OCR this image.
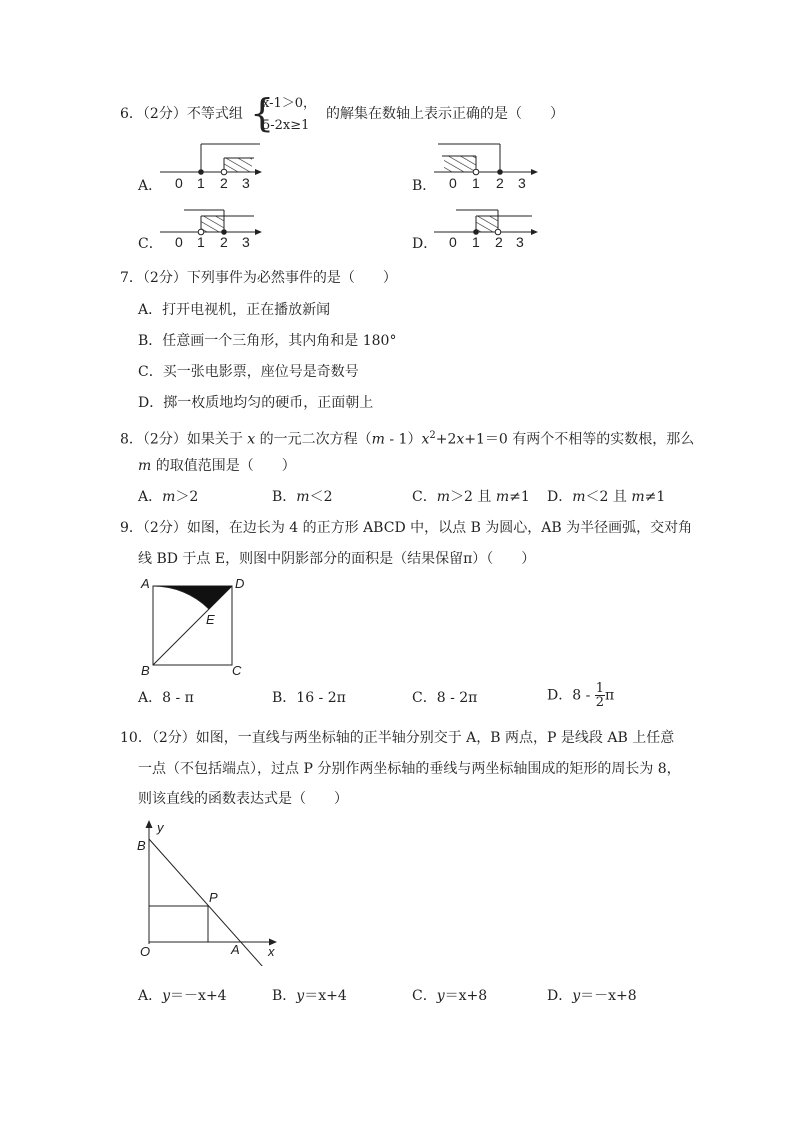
6．（2分）不等式组 {
x-1＞0，
5-2x≥1
的解集在数轴上表示正确的是（　　）
A． 0 1 2 3	B． 0 1 2 3
C． 0 1 2 3	D． 0 1 2 3
7．（2分）下列事件为必然事件的是（　　）
A．打开电视机，正在播放新闻
B．任意画一个三角形，其内角和是 180°
C．买一张电影票，座位号是奇数号
D．掷一枚质地均匀的硬币，正面朝上
8．（2分）如果关于 x 的一元二次方程$(m - 1)x^2+2x+1=0$ 有两个不相等的实数根，那么
m 的取值范围是（　　）
A．m＞2	B．m＜2	C．m＞2 且 m≠1 D．m＜2 且 m≠1
9．（2分）如图，在边长为 4 的正方形 ABCD 中，以点 B 为圆心，AB 为半径画弧，交对角
线 BD 于点 E，则图中阴影部分的面积是（结果保留π）（　　）
A	D
E
B	C
A．8 - π	B．16 - 2π	C．8 - 2π	D．$8 - \frac{1}{2}$ π
10．（2分）如图，一直线与两坐标轴的正半轴分别交于 A，B 两点，P 是线段 AB 上任意
一点（不包括端点），过点 P 分别作两坐标轴的垂线与两坐标轴围成的矩形的周长为 8，
则该直线的函数表达式是（　　）
y
x
B
P
O	A
A．y＝－x+4	B．y＝x+4	C．y＝x+8	D．y＝－x+8
